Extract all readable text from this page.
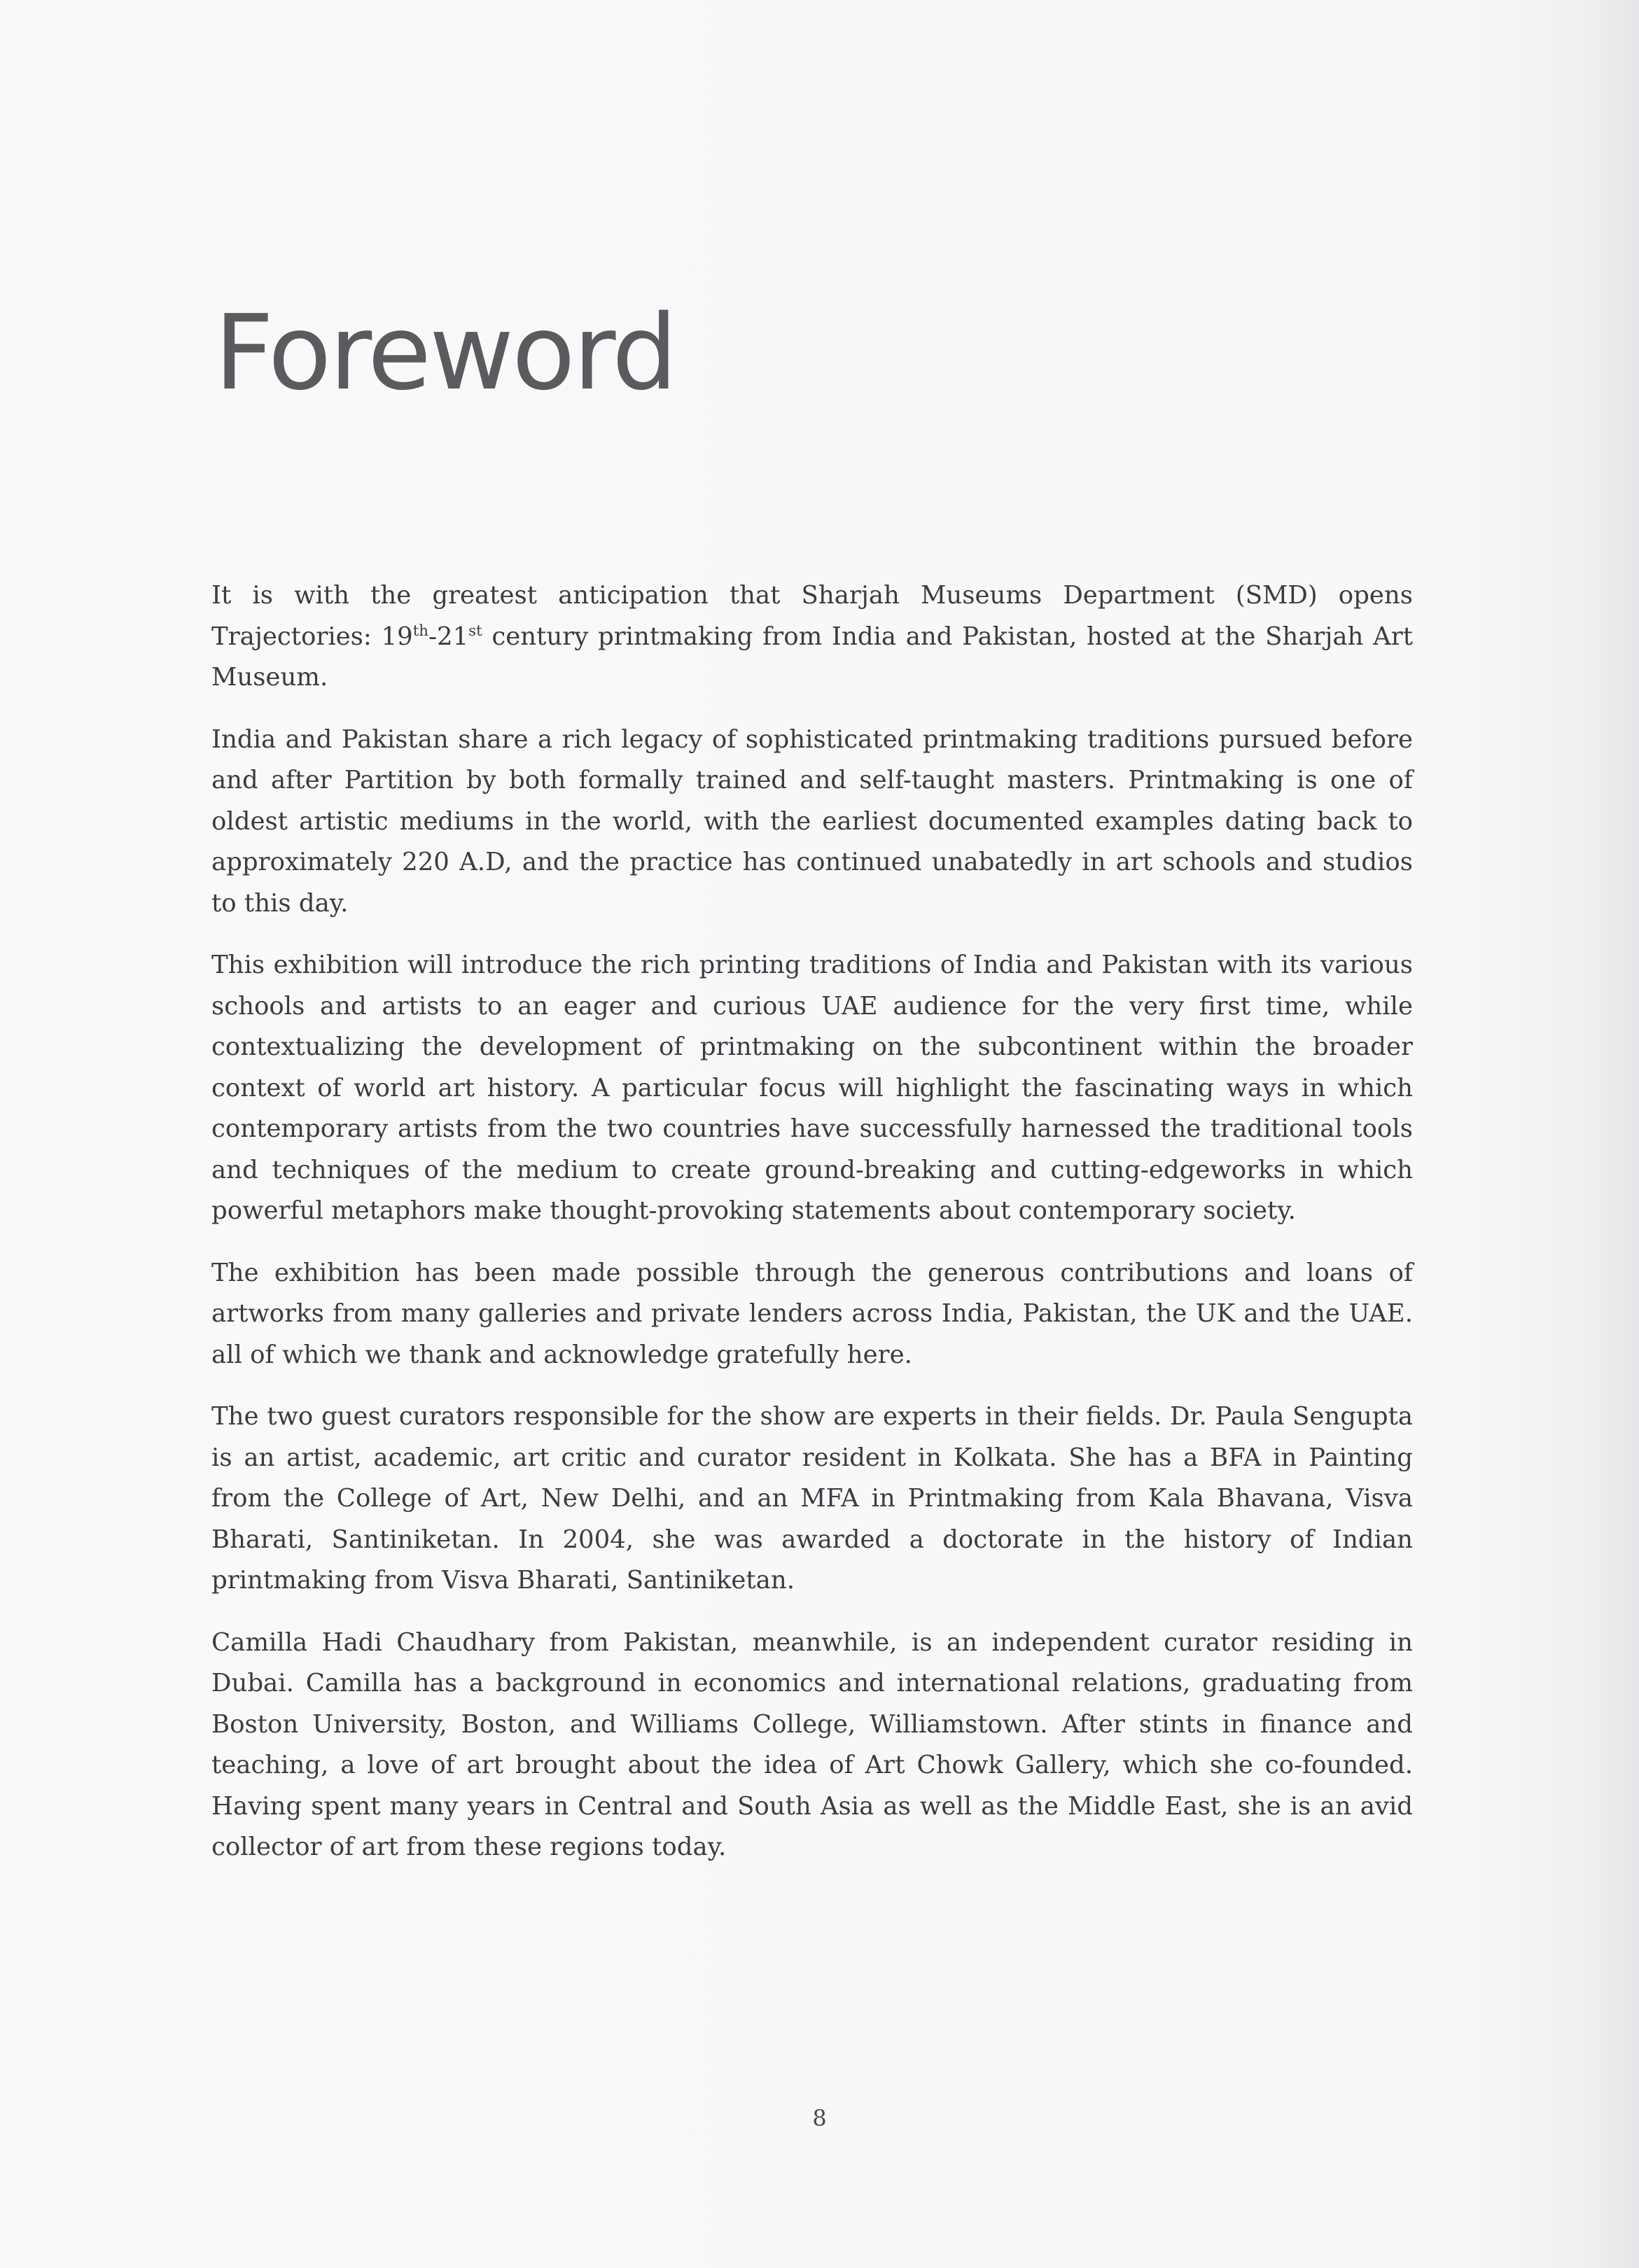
Foreword

It is with the greatest anticipation that Sharjah Museums Department (SMD) opens Trajectories: 19th-21st century printmaking from India and Pakistan, hosted at the Sharjah Art Museum.

India and Pakistan share a rich legacy of sophisticated printmaking traditions pursued before and after Partition by both formally trained and self-taught masters. Printmaking is one of oldest artistic mediums in the world, with the earliest documented examples dating back to approximately 220 A.D, and the practice has continued unabatedly in art schools and studios to this day.

This exhibition will introduce the rich printing traditions of India and Pakistan with its various schools and artists to an eager and curious UAE audience for the very first time, while contextualizing the development of printmaking on the subcontinent within the broader context of world art history. A particular focus will highlight the fascinating ways in which contemporary artists from the two countries have successfully harnessed the traditional tools and techniques of the medium to create ground-breaking and cutting-edgeworks in which powerful metaphors make thought-provoking statements about contemporary society.

The exhibition has been made possible through the generous contributions and loans of artworks from many galleries and private lenders across India, Pakistan, the UK and the UAE. all of which we thank and acknowledge gratefully here.

The two guest curators responsible for the show are experts in their fields. Dr. Paula Sengupta is an artist, academic, art critic and curator resident in Kolkata. She has a BFA in Painting from the College of Art, New Delhi, and an MFA in Printmaking from Kala Bhavana, Visva Bharati, Santiniketan. In 2004, she was awarded a doctorate in the history of Indian printmaking from Visva Bharati, Santiniketan.

Camilla Hadi Chaudhary from Pakistan, meanwhile, is an independent curator residing in Dubai. Camilla has a background in economics and international relations, graduating from Boston University, Boston, and Williams College, Williamstown. After stints in finance and teaching, a love of art brought about the idea of Art Chowk Gallery, which she co-founded. Having spent many years in Central and South Asia as well as the Middle East, she is an avid collector of art from these regions today.

8
